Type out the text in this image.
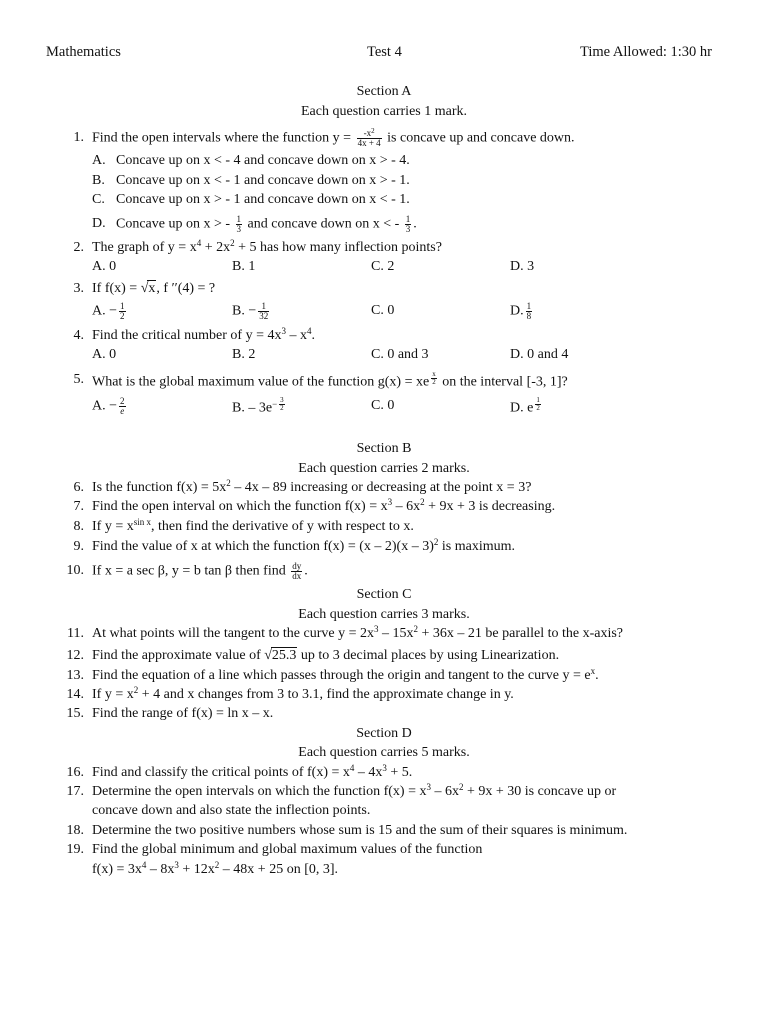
Mathematics	Test 4	Time Allowed: 1:30 hr
Section A
Each question carries 1 mark.
1. Find the open intervals where the function $y = \frac{-x^2}{4x + 4}$ is concave up and concave down.
A. Concave up on x < - 4 and concave down on x > - 4.
B. Concave up on x < - 1 and concave down on x > - 1.
C. Concave up on x > - 1 and concave down on x < - 1.
D. Concave up on x > - $\frac{1}{3}$ and concave down on x < - $\frac{1}{3}$ .
2. The graph of $y = x^4 + 2x^2 + 5$ has how many inflection points?
A. 0	B. 1	C. 2	D. 3
3. If f(x) = √x, f ′′(4) = ?
A. − $\frac{1}{2}$	B. − $\frac{1}{32}$	C. 0	D. $\frac{1}{8}$
4. Find the critical number of $y = 4x^3 - x^4$.
A. 0	B. 2	C. 0 and 3	D. 0 and 4
5. What is the global maximum value of the function g(x) = xe $^{\frac{x}{2}}$ on the interval [-3, 1]?
A. − $\frac{2}{e}$	B. – $3e^{- \frac{3}{2}}$	C. 0	D. e $^{\frac{1}{2}}$
Section B
Each question carries 2 marks.
6. Is the function $f(x) = 5x^2 - 4x - 89$ increasing or decreasing at the point x = 3?
7. Find the open interval on which the function $f(x) = x^3 - 6x^2 + 9x + 3$ is decreasing.
8. If $y = x^{sin x}$, then find the derivative of y with respect to x.
9. Find the value of x at which the function f(x) = (x – 2)(x – 3)$^2$ is maximum.
10. If x = a sec β, y = b tan β then find $\frac{dy}{dx}$ .
Section C
Each question carries 3 marks.
11. At what points will the tangent to the curve $y = 2x^3 - 15x^2 + 36x - 21$ be parallel to the x-axis?
12. Find the approximate value of √25.3 up to 3 decimal places by using Linearization.
13. Find the equation of a line which passes through the origin and tangent to the curve $y = e^x$.
14. If $y = x^2 + 4$ and x changes from 3 to 3.1, find the approximate change in y.
15. Find the range of f(x) = ln x – x.
Section D
Each question carries 5 marks.
16. Find and classify the critical points of $f(x) = x^4 - 4x^3 + 5$.
17. Determine the open intervals on which the function $f(x) = x^3 - 6x^2 + 9x + 30$ is concave up or
concave down and also state the inflection points.
18. Determine the two positive numbers whose sum is 15 and the sum of their squares is minimum.
19. Find the global minimum and global maximum values of the function
$f(x) = 3x^4 - 8x^3 + 12x^2 - 48x + 25$ on [0, 3].
